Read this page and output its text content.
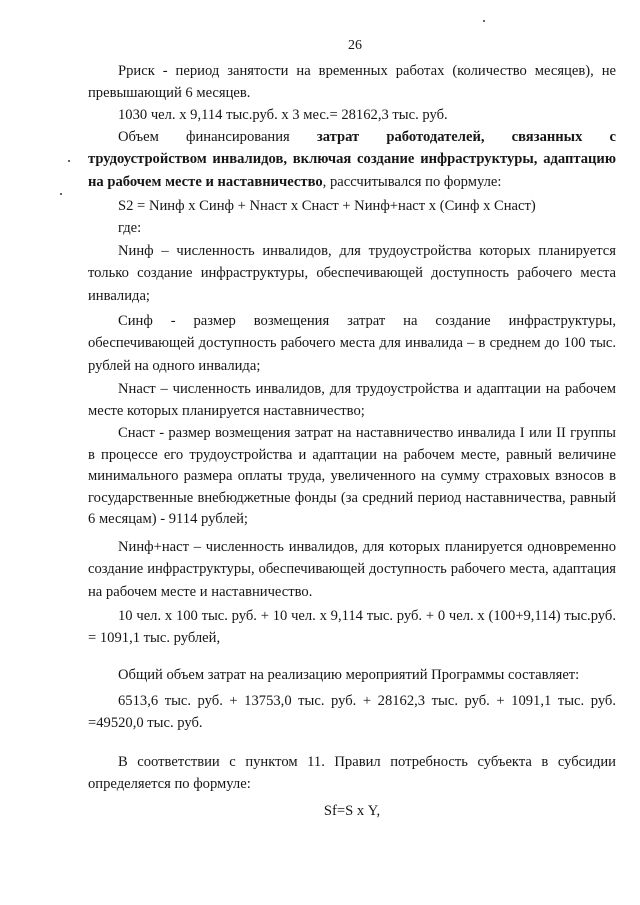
26
Pриск - период занятости на временных работах (количество месяцев), не превышающий 6 месяцев.
1030 чел. х 9,114 тыс.руб. х 3 мес.= 28162,3 тыс. руб.
Объем финансирования затрат работодателей, связанных с трудоустройством инвалидов, включая создание инфраструктуры, адаптацию на рабочем месте и наставничество, рассчитывался по формуле:
S2 = Nинф х Cинф + Nнаст х Cнаст + Nинф+наст х (Cинф х Cнаст)
где:
Nинф – численность инвалидов, для трудоустройства которых планируется только создание инфраструктуры, обеспечивающей доступность рабочего места инвалида;
Cинф - размер возмещения затрат на создание инфраструктуры, обеспечивающей доступность рабочего места для инвалида – в среднем до 100 тыс. рублей на одного инвалида;
Nнаст – численность инвалидов, для трудоустройства и адаптации на рабочем месте которых планируется наставничество;
Cнаст - размер возмещения затрат на наставничество инвалида I или II группы в процессе его трудоустройства и адаптации на рабочем месте, равный величине минимального размера оплаты труда, увеличенного на сумму страховых взносов в государственные внебюджетные фонды (за средний период наставничества, равный 6 месяцам) - 9114 рублей;
Nинф+наст – численность инвалидов, для которых планируется одновременно создание инфраструктуры, обеспечивающей доступность рабочего места, адаптация на рабочем месте и наставничество.
10 чел. х 100 тыс. руб. + 10 чел. х 9,114 тыс. руб. + 0 чел. х (100+9,114) тыс.руб. = 1091,1 тыс. рублей,
Общий объем затрат на реализацию мероприятий Программы составляет:
6513,6 тыс. руб. + 13753,0 тыс. руб. + 28162,3 тыс. руб. + 1091,1 тыс. руб. =49520,0 тыс. руб.
В соответствии с пунктом 11. Правил потребность субъекта в субсидии определяется по формуле:
Sf=S х Y,
